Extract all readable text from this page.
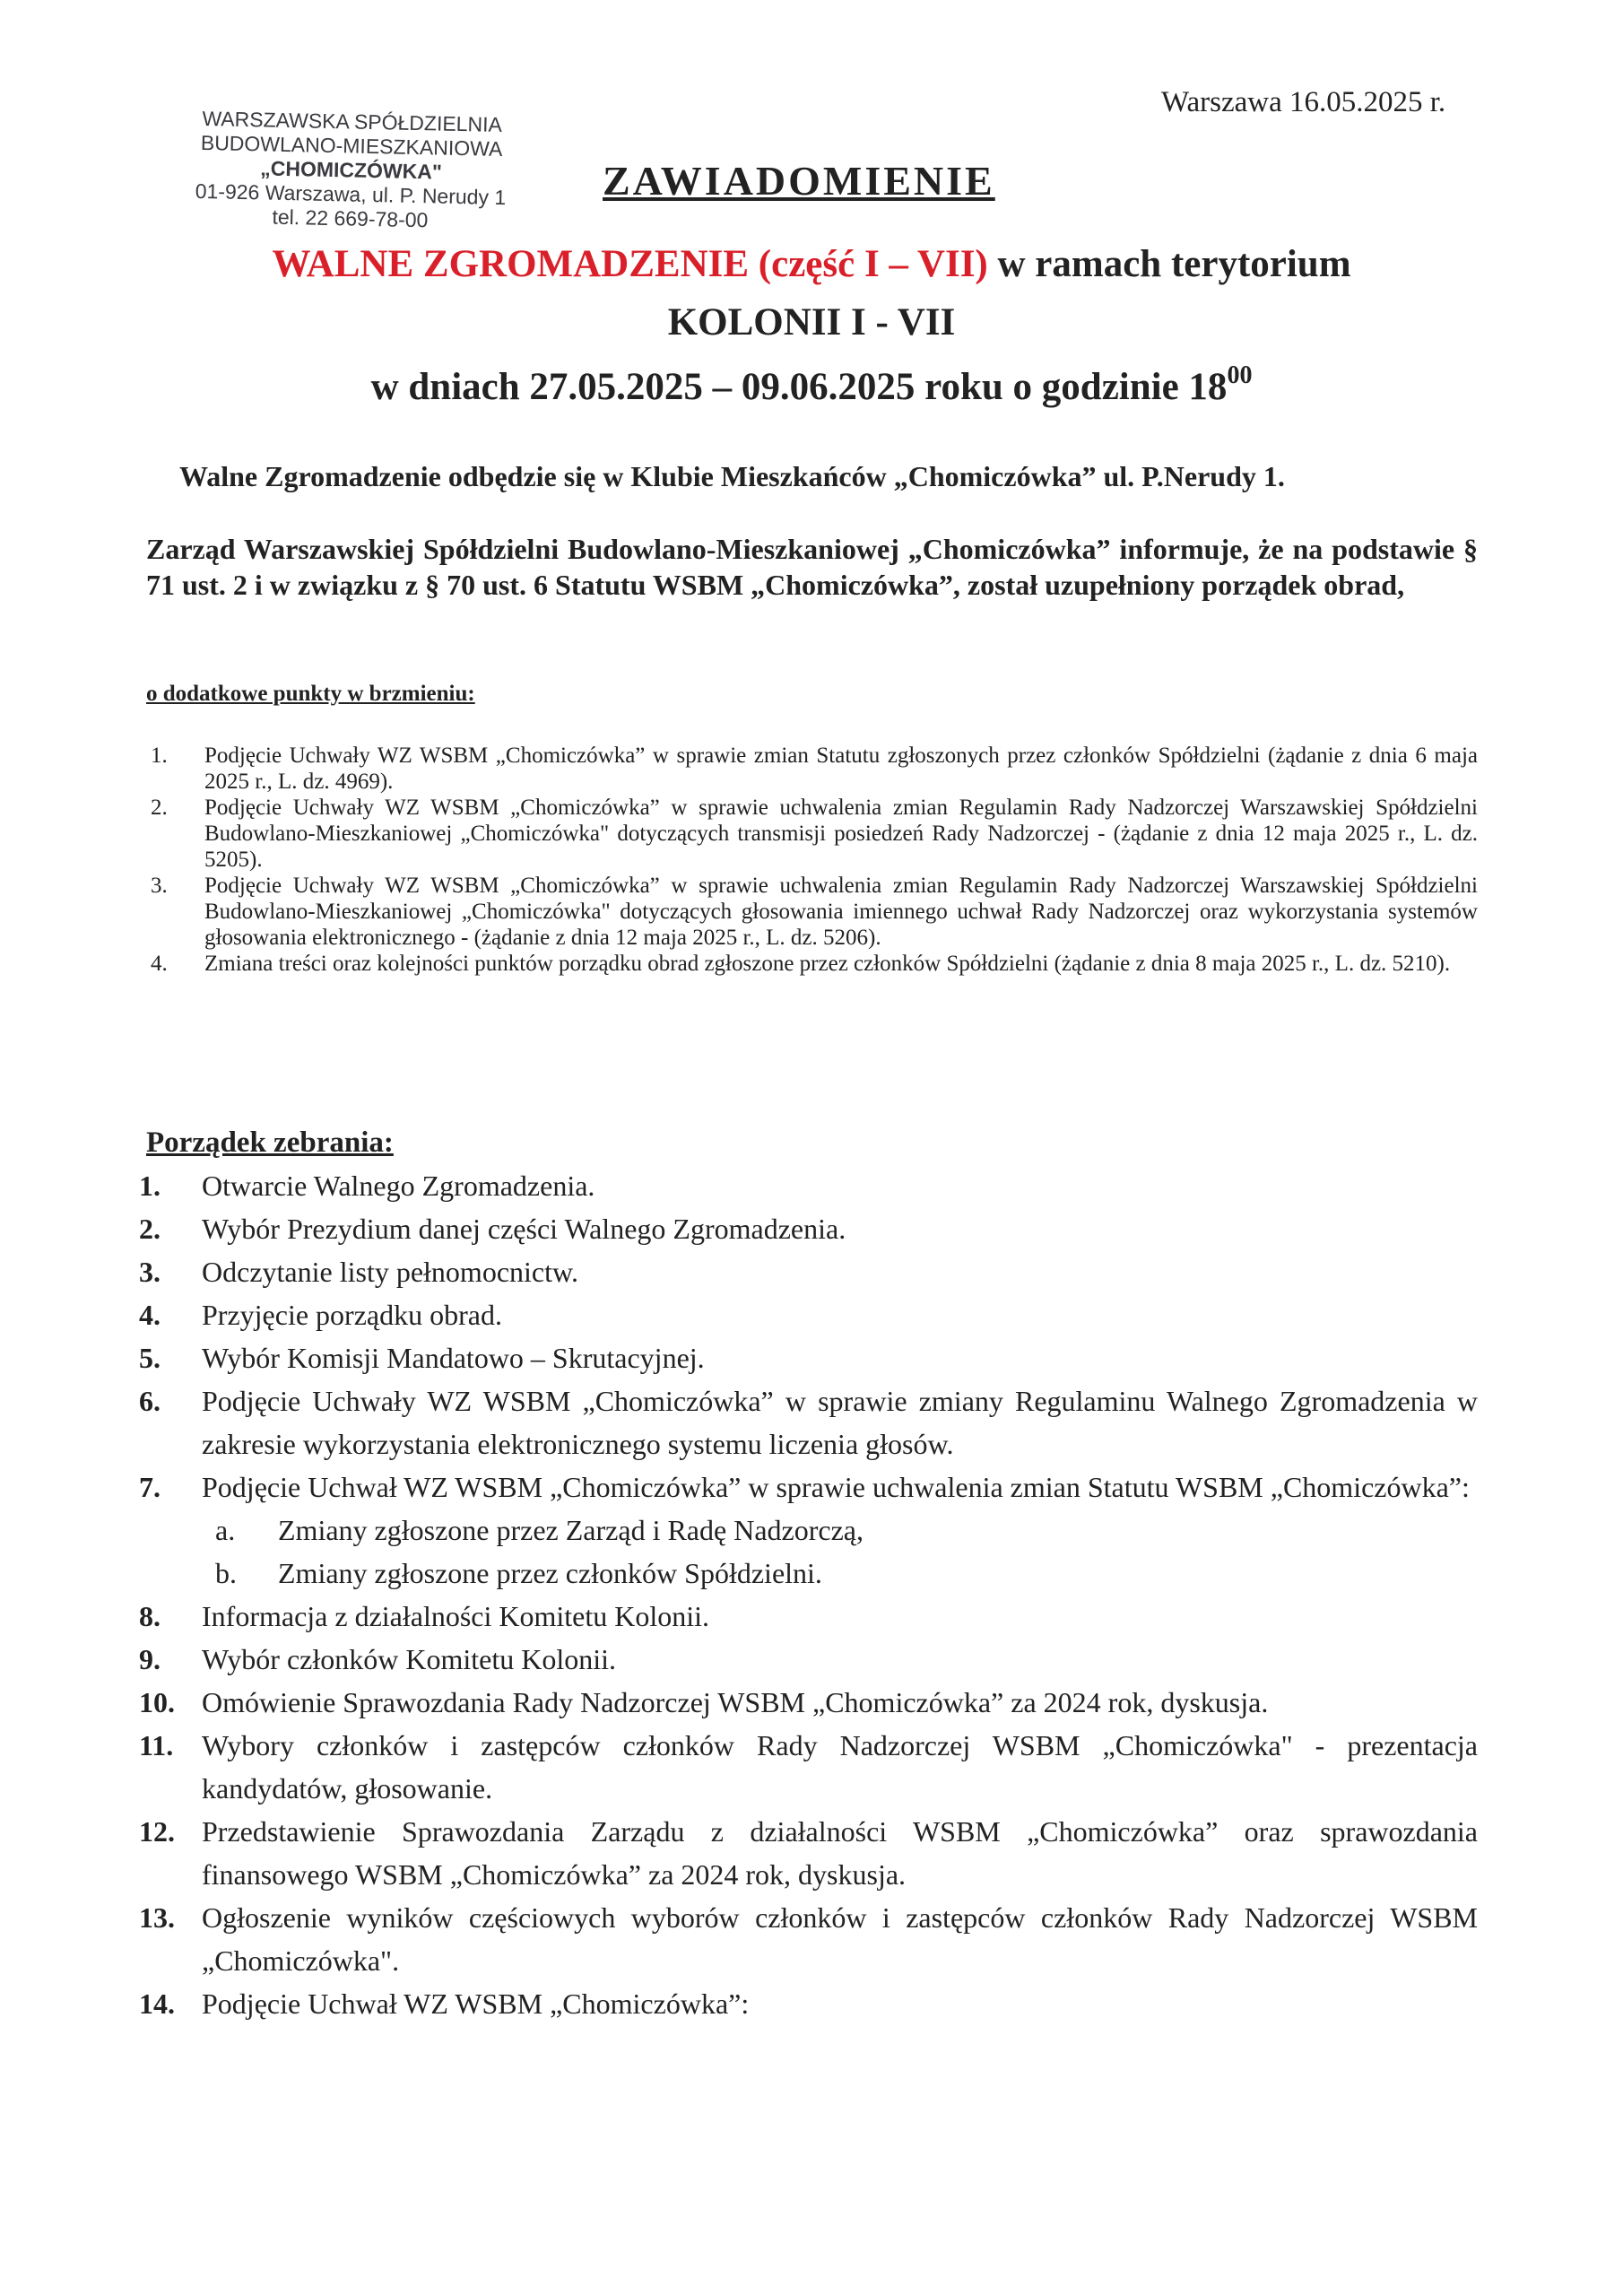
WARSZAWSKA SPÓŁDZIELNIA
BUDOWLANO-MIESZKANIOWA
„CHOMICZÓWKA"
01-926 Warszawa, ul. P. Nerudy 1
tel. 22 669-78-00
Warszawa 16.05.2025 r.
ZAWIADOMIENIE
WALNE ZGROMADZENIE (część I – VII) w ramach terytorium
KOLONII I - VII
w dniach 27.05.2025 – 09.06.2025 roku o godzinie $18^{00}$
Walne Zgromadzenie odbędzie się w Klubie Mieszkańców „Chomiczówka” ul. P.Nerudy 1.
Zarząd Warszawskiej Spółdzielni Budowlano-Mieszkaniowej „Chomiczówka” informuje, że na podstawie § 71 ust. 2 i w związku z § 70 ust. 6 Statutu WSBM „Chomiczówka”, został uzupełniony porządek obrad,
o dodatkowe punkty w brzmieniu:
1. Podjęcie Uchwały WZ WSBM „Chomiczówka” w sprawie zmian Statutu zgłoszonych przez członków Spółdzielni (żądanie z dnia 6 maja 2025 r., L. dz. 4969).
2. Podjęcie Uchwały WZ WSBM „Chomiczówka” w sprawie uchwalenia zmian Regulamin Rady Nadzorczej Warszawskiej Spółdzielni Budowlano-Mieszkaniowej „Chomiczówka" dotyczących transmisji posiedzeń Rady Nadzorczej - (żądanie z dnia 12 maja 2025 r., L. dz. 5205).
3. Podjęcie Uchwały WZ WSBM „Chomiczówka” w sprawie uchwalenia zmian Regulamin Rady Nadzorczej Warszawskiej Spółdzielni Budowlano-Mieszkaniowej „Chomiczówka" dotyczących głosowania imiennego uchwał Rady Nadzorczej oraz wykorzystania systemów głosowania elektronicznego - (żądanie z dnia 12 maja 2025 r., L. dz. 5206).
4. Zmiana treści oraz kolejności punktów porządku obrad zgłoszone przez członków Spółdzielni (żądanie z dnia 8 maja 2025 r., L. dz. 5210).
Porządek zebrania:
1. Otwarcie Walnego Zgromadzenia.
2. Wybór Prezydium danej części Walnego Zgromadzenia.
3. Odczytanie listy pełnomocnictw.
4. Przyjęcie porządku obrad.
5. Wybór Komisji Mandatowo – Skrutacyjnej.
6. Podjęcie Uchwały WZ WSBM „Chomiczówka” w sprawie zmiany Regulaminu Walnego Zgromadzenia w zakresie wykorzystania elektronicznego systemu liczenia głosów.
7. Podjęcie Uchwał WZ WSBM „Chomiczówka” w sprawie uchwalenia zmian Statutu WSBM „Chomiczówka”:
a. Zmiany zgłoszone przez Zarząd i Radę Nadzorczą,
b. Zmiany zgłoszone przez członków Spółdzielni.
8. Informacja z działalności Komitetu Kolonii.
9. Wybór członków Komitetu Kolonii.
10. Omówienie Sprawozdania Rady Nadzorczej WSBM „Chomiczówka” za 2024 rok, dyskusja.
11. Wybory członków i zastępców członków Rady Nadzorczej WSBM „Chomiczówka" - prezentacja kandydatów, głosowanie.
12. Przedstawienie Sprawozdania Zarządu z działalności WSBM „Chomiczówka” oraz sprawozdania finansowego WSBM „Chomiczówka” za 2024 rok, dyskusja.
13. Ogłoszenie wyników częściowych wyborów członków i zastępców członków Rady Nadzorczej WSBM „Chomiczówka".
14. Podjęcie Uchwał WZ WSBM „Chomiczówka”:
